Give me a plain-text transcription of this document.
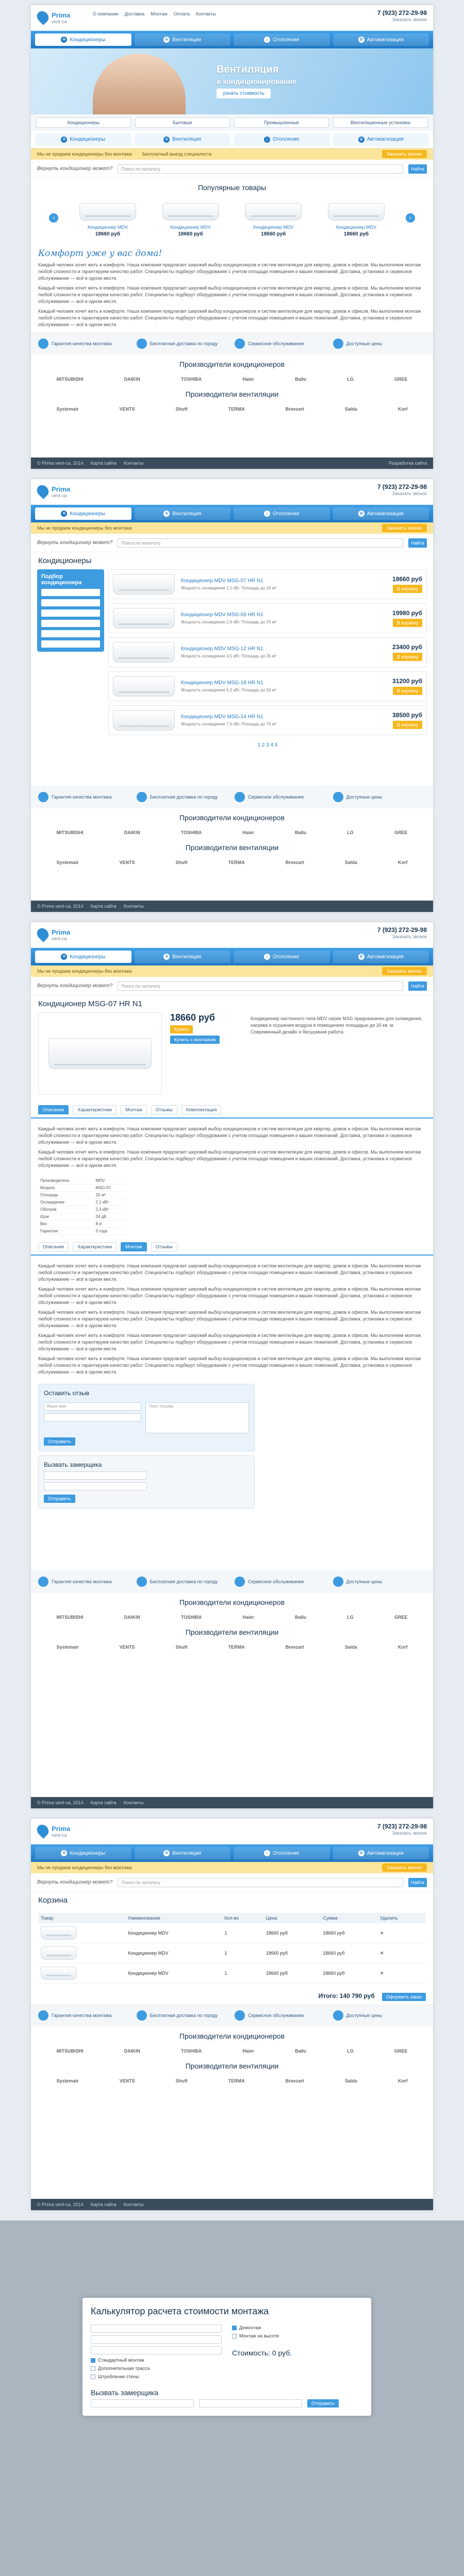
Prima
vent-ca
О компании Доставка Монтаж Оплата Контакты	7 (923) 272-29-98
Заказать звонок
❄ Кондиционеры	✣ Вентиляция	♨ Отопление	⚙ Автоматизация
Вентиляция
и кондиционирование
узнать стоимость
Кондиционеры	Бытовые	Промышленные	Вентиляционные установки
❄ Кондиционеры	✣ Вентиляция	♨ Отопление	⚙ Автоматизация
Мы не продаем кондиционеры без монтажа Бесплатный выезд специалиста	Заказать звонок
Вернуть кондиционер может?	Поиск по каталогу	Найти
Популярные товары
‹
Кондиционер MDV
18660 руб
Кондиционер MDV
18660 руб
Кондиционер MDV
18660 руб
Кондиционер MDV
18660 руб
›
Комфорт уже у вас дома!
Каждый человек хочет жить в комфорте. Наша компания предлагает широкий выбор кондиционеров и систем вентиляции для квартир, домов и офисов. Мы выполняем монтаж любой сложности и гарантируем качество работ. Специалисты подберут оборудование с учетом площади помещения и ваших пожеланий. Доставка, установка и сервисное обслуживание — всё в одном месте.
Каждый человек хочет жить в комфорте. Наша компания предлагает широкий выбор кондиционеров и систем вентиляции для квартир, домов и офисов. Мы выполняем монтаж любой сложности и гарантируем качество работ. Специалисты подберут оборудование с учетом площади помещения и ваших пожеланий. Доставка, установка и сервисное обслуживание — всё в одном месте.
Каждый человек хочет жить в комфорте. Наша компания предлагает широкий выбор кондиционеров и систем вентиляции для квартир, домов и офисов. Мы выполняем монтаж любой сложности и гарантируем качество работ. Специалисты подберут оборудование с учетом площади помещения и ваших пожеланий. Доставка, установка и сервисное обслуживание — всё в одном месте.
Гарантия качества монтажа	Бесплатная доставка по городу	Сервисное обслуживание	Доступные цены
Производители кондиционеров
MITSUBISHI	DAIKIN	TOSHIBA	Haier	Ballu	LG	GREE
Производители вентиляции
Systemair	VENTS	Shuft	TERMA	Breezart	Salda	Korf
© Prima vent-ca, 2014 Карта сайта Контакты	Разработка сайта
Prima
vent-ca
7 (923) 272-29-98
Заказать звонок
❄ Кондиционеры	✣ Вентиляция	♨ Отопление	⚙ Автоматизация
Мы не продаем кондиционеры без монтажа	Заказать звонок
Вернуть кондиционер может?	Поиск по каталогу	Найти
Кондиционеры
Подбор кондиционера	Кондиционер MDV MSG-07 HR N1
Мощность охлаждения 2,1 кВт. Площадь до 20 м²
18660 руб
В корзину
Кондиционер MDV MSG-09 HR N1
Мощность охлаждения 2,6 кВт. Площадь до 25 м²
19980 руб
В корзину
Кондиционер MDV MSG-12 HR N1
Мощность охлаждения 3,5 кВт. Площадь до 35 м²
23400 руб
В корзину
Кондиционер MDV MSG-18 HR N1
Мощность охлаждения 5,3 кВт. Площадь до 50 м²
31200 руб
В корзину
Кондиционер MDV MSG-24 HR N1
Мощность охлаждения 7,0 кВт. Площадь до 70 м²
38500 руб
В корзину
1 2 3 4 5
Гарантия качества монтажа	Бесплатная доставка по городу	Сервисное обслуживание	Доступные цены
Производители кондиционеров
MITSUBISHI	DAIKIN	TOSHIBA	Haier	Ballu	LG	GREE
Производители вентиляции
Systemair	VENTS	Shuft	TERMA	Breezart	Salda	Korf
© Prima vent-ca, 2014 Карта сайта Контакты
Prima
vent-ca
7 (923) 272-29-98
Заказать звонок
❄ Кондиционеры	✣ Вентиляция	♨ Отопление	⚙ Автоматизация
Мы не продаем кондиционеры без монтажа	Заказать звонок
Вернуть кондиционер может?	Поиск по каталогу	Найти
Кондиционер MSG-07 HR N1
18660 руб
Купить
Купить с монтажом
Кондиционер настенного типа MDV серии MSG предназначен для охлаждения, нагрева и осушения воздуха в помещениях площадью до 20 кв. м. Современный дизайн и бесшумная работа.
Описание	Характеристики	Монтаж	Отзывы	Комплектация
Каждый человек хочет жить в комфорте. Наша компания предлагает широкий выбор кондиционеров и систем вентиляции для квартир, домов и офисов. Мы выполняем монтаж любой сложности и гарантируем качество работ. Специалисты подберут оборудование с учетом площади помещения и ваших пожеланий. Доставка, установка и сервисное обслуживание — всё в одном месте.
Каждый человек хочет жить в комфорте. Наша компания предлагает широкий выбор кондиционеров и систем вентиляции для квартир, домов и офисов. Мы выполняем монтаж любой сложности и гарантируем качество работ. Специалисты подберут оборудование с учетом площади помещения и ваших пожеланий. Доставка, установка и сервисное обслуживание — всё в одном месте.
Производитель	MDV
Модель	MSG-07
Площадь	20 м²
Охлаждение	2,1 кВт
Обогрев	2,3 кВт
Шум	24 дБ
Вес	8 кг
Гарантия	3 года
Описание	Характеристики	Монтаж	Отзывы
Каждый человек хочет жить в комфорте. Наша компания предлагает широкий выбор кондиционеров и систем вентиляции для квартир, домов и офисов. Мы выполняем монтаж любой сложности и гарантируем качество работ. Специалисты подберут оборудование с учетом площади помещения и ваших пожеланий. Доставка, установка и сервисное обслуживание — всё в одном месте.
Каждый человек хочет жить в комфорте. Наша компания предлагает широкий выбор кондиционеров и систем вентиляции для квартир, домов и офисов. Мы выполняем монтаж любой сложности и гарантируем качество работ. Специалисты подберут оборудование с учетом площади помещения и ваших пожеланий. Доставка, установка и сервисное обслуживание — всё в одном месте.
Каждый человек хочет жить в комфорте. Наша компания предлагает широкий выбор кондиционеров и систем вентиляции для квартир, домов и офисов. Мы выполняем монтаж любой сложности и гарантируем качество работ. Специалисты подберут оборудование с учетом площади помещения и ваших пожеланий. Доставка, установка и сервисное обслуживание — всё в одном месте.
Каждый человек хочет жить в комфорте. Наша компания предлагает широкий выбор кондиционеров и систем вентиляции для квартир, домов и офисов. Мы выполняем монтаж любой сложности и гарантируем качество работ. Специалисты подберут оборудование с учетом площади помещения и ваших пожеланий. Доставка, установка и сервисное обслуживание — всё в одном месте.
Каждый человек хочет жить в комфорте. Наша компания предлагает широкий выбор кондиционеров и систем вентиляции для квартир, домов и офисов. Мы выполняем монтаж любой сложности и гарантируем качество работ. Специалисты подберут оборудование с учетом площади помещения и ваших пожеланий. Доставка, установка и сервисное обслуживание — всё в одном месте.
Оставить отзыв
Ваше имя	Текст отзыва
Отправить
Вызвать замерщика
Отправить
Гарантия качества монтажа	Бесплатная доставка по городу	Сервисное обслуживание	Доступные цены
Производители кондиционеров
MITSUBISHI	DAIKIN	TOSHIBA	Haier	Ballu	LG	GREE
Производители вентиляции
Systemair	VENTS	Shuft	TERMA	Breezart	Salda	Korf
© Prima vent-ca, 2014 Карта сайта Контакты
Prima
vent-ca
7 (923) 272-29-98
Заказать звонок
❄ Кондиционеры	✣ Вентиляция	♨ Отопление	⚙ Автоматизация
Мы не продаем кондиционеры без монтажа	Заказать звонок
Вернуть кондиционер может?	Поиск по каталогу	Найти
Корзина
Товар	Наименование	Кол-во	Цена	Сумма	Удалить

	Кондиционер MDV	1	18660 руб	18660 руб	✕

	Кондиционер MDV	1	18660 руб	18660 руб	✕

	Кондиционер MDV	1	18660 руб	18660 руб	✕
Итого: 140 790 руб	Оформить заказ
Гарантия качества монтажа	Бесплатная доставка по городу	Сервисное обслуживание	Доступные цены
Производители кондиционеров
MITSUBISHI	DAIKIN	TOSHIBA	Haier	Ballu	LG	GREE
Производители вентиляции
Systemair	VENTS	Shuft	TERMA	Breezart	Salda	Korf
© Prima vent-ca, 2014 Карта сайта Контакты
Калькулятор расчета стоимости монтажа
Стандартный монтаж
Дополнительная трасса
Штробление стены
Демонтаж
Монтаж на высоте
Стоимость: 0 руб.
Вызвать замерщика
Отправить
